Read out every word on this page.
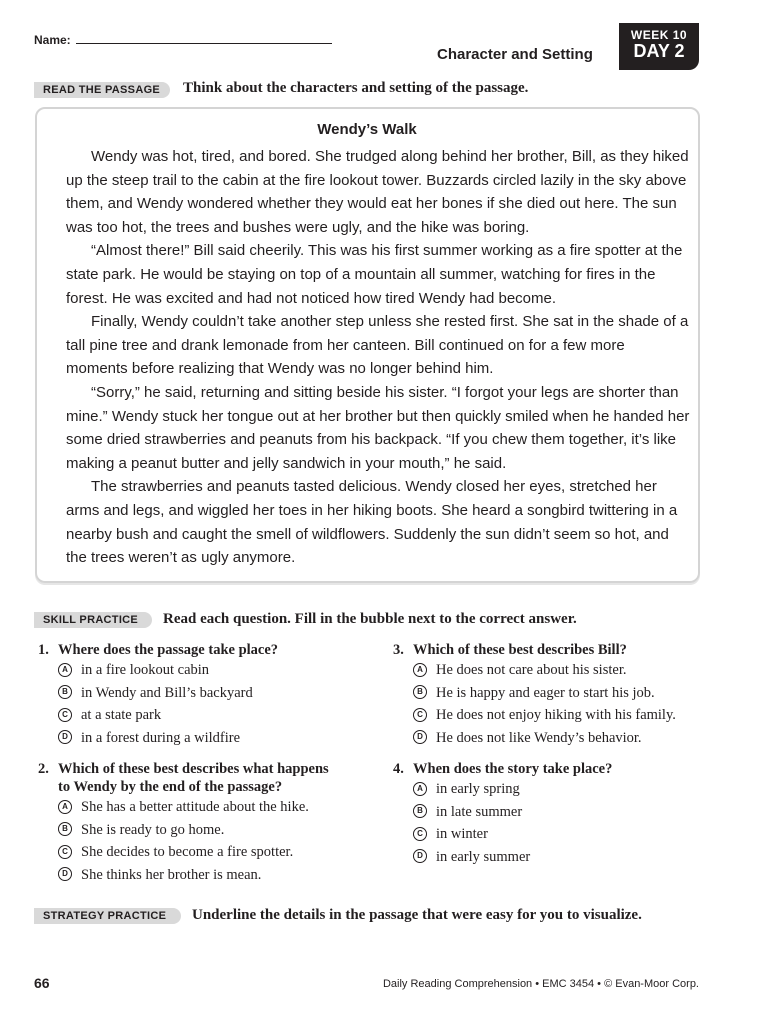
Name:
Character and Setting
WEEK 10
DAY 2
READ THE PASSAGE	Think about the characters and setting of the passage.
Wendy’s Walk

Wendy was hot, tired, and bored. She trudged along behind her brother, Bill, as they hiked up the steep trail to the cabin at the fire lookout tower. Buzzards circled lazily in the sky above them, and Wendy wondered whether they would eat her bones if she died out here. The sun was too hot, the trees and bushes were ugly, and the hike was boring.

“Almost there!” Bill said cheerily. This was his first summer working as a fire spotter at the state park. He would be staying on top of a mountain all summer, watching for fires in the forest. He was excited and had not noticed how tired Wendy had become.

Finally, Wendy couldn’t take another step unless she rested first. She sat in the shade of a tall pine tree and drank lemonade from her canteen. Bill continued on for a few more moments before realizing that Wendy was no longer behind him.

“Sorry,” he said, returning and sitting beside his sister. “I forgot your legs are shorter than mine.” Wendy stuck her tongue out at her brother but then quickly smiled when he handed her some dried strawberries and peanuts from his backpack. “If you chew them together, it’s like making a peanut butter and jelly sandwich in your mouth,” he said.

The strawberries and peanuts tasted delicious. Wendy closed her eyes, stretched her arms and legs, and wiggled her toes in her hiking boots. She heard a songbird twittering in a nearby bush and caught the smell of wildflowers. Suddenly the sun didn’t seem so hot, and the trees weren’t as ugly anymore.

SKILL PRACTICE	Read each question. Fill in the bubble next to the correct answer.
1. Where does the passage take place?
A in a fire lookout cabin
B in Wendy and Bill’s backyard
C at a state park
D in a forest during a wildfire
2. Which of these best describes what happens
to Wendy by the end of the passage?
A She has a better attitude about the hike.
B She is ready to go home.
C She decides to become a fire spotter.
D She thinks her brother is mean.
3. Which of these best describes Bill?
A He does not care about his sister.
B He is happy and eager to start his job.
C He does not enjoy hiking with his family.
D He does not like Wendy’s behavior.
4. When does the story take place?
A in early spring
B in late summer
C in winter
D in early summer
STRATEGY PRACTICE	Underline the details in the passage that were easy for you to visualize.
66	Daily Reading Comprehension • EMC 3454 • © Evan-Moor Corp.
